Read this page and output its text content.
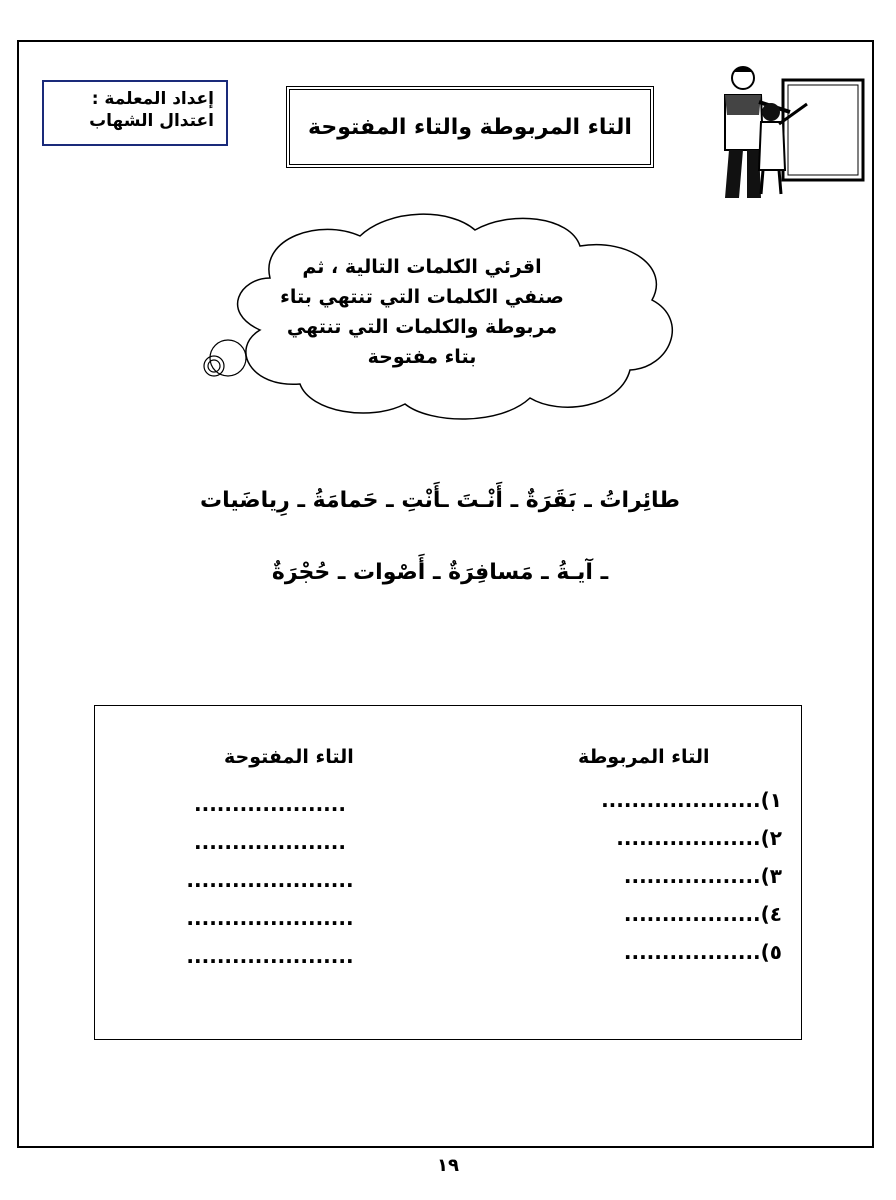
إعداد المعلمة :
اعتدال الشهاب	التاء المربوطة والتاء المفتوحة
اقرئي الكلمات التالية ، ثم
صنفي الكلمات التي تنتهي بتاء
مربوطة والكلمات التي تنتهي
بتاء مفتوحة
طائِراتُ ـ بَقَرَةٌ ـ أَنْـتَ ـأَنْتِ ـ حَمامَةُ ـ رِياضَيات
ـ آيـةُ ـ مَسافِرَةٌ ـ أَصْوات ـ حُجْرَةٌ
التاء المربوطة
التاء المفتوحة
١).....................
٢)...................
٣)..................
٤)..................
٥)..................
....................
....................
......................
......................
......................
١٩
